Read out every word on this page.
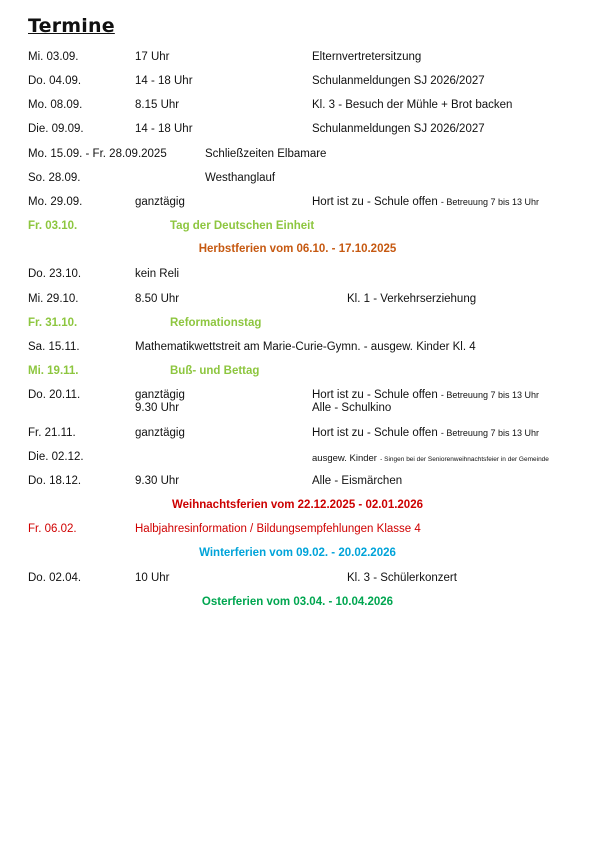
Termine
Mi. 03.09.	17 Uhr	Elternvertretersitzung
Do. 04.09.	14 - 18 Uhr	Schulanmeldungen SJ 2026/2027
Mo. 08.09.	8.15 Uhr	Kl. 3 - Besuch der Mühle + Brot backen
Die. 09.09.	14 - 18 Uhr	Schulanmeldungen SJ 2026/2027
Mo. 15.09. - Fr. 28.09.2025	Schließzeiten Elbamare
So. 28.09.	Westhanglauf
Mo. 29.09.	ganztägig	Hort ist zu - Schule offen - Betreuung 7 bis 13 Uhr
Fr. 03.10.	Tag der Deutschen Einheit
Herbstferien vom 06.10. - 17.10.2025
Do. 23.10.	kein Reli
Mi. 29.10.	8.50 Uhr	Kl. 1 - Verkehrserziehung
Fr. 31.10.	Reformationstag
Sa. 15.11.	Mathematikwettstreit am Marie-Curie-Gymn. - ausgew. Kinder Kl. 4
Mi. 19.11.	Buß- und Bettag
Do. 20.11.	ganztägig	Hort ist zu - Schule offen - Betreuung 7 bis 13 Uhr
9.30 Uhr	Alle - Schulkino
Fr. 21.11.	ganztägig	Hort ist zu - Schule offen - Betreuung 7 bis 13 Uhr
Die. 02.12.	ausgew. Kinder - Singen bei der Seniorenweihnachtsfeier in der Gemeinde
Do. 18.12.	9.30 Uhr	Alle - Eismärchen
Weihnachtsferien vom 22.12.2025 - 02.01.2026
Fr. 06.02.	Halbjahresinformation / Bildungsempfehlungen Klasse 4
Winterferien vom 09.02. - 20.02.2026
Do. 02.04.	10 Uhr	Kl. 3 - Schülerkonzert
Osterferien vom 03.04. - 10.04.2026
